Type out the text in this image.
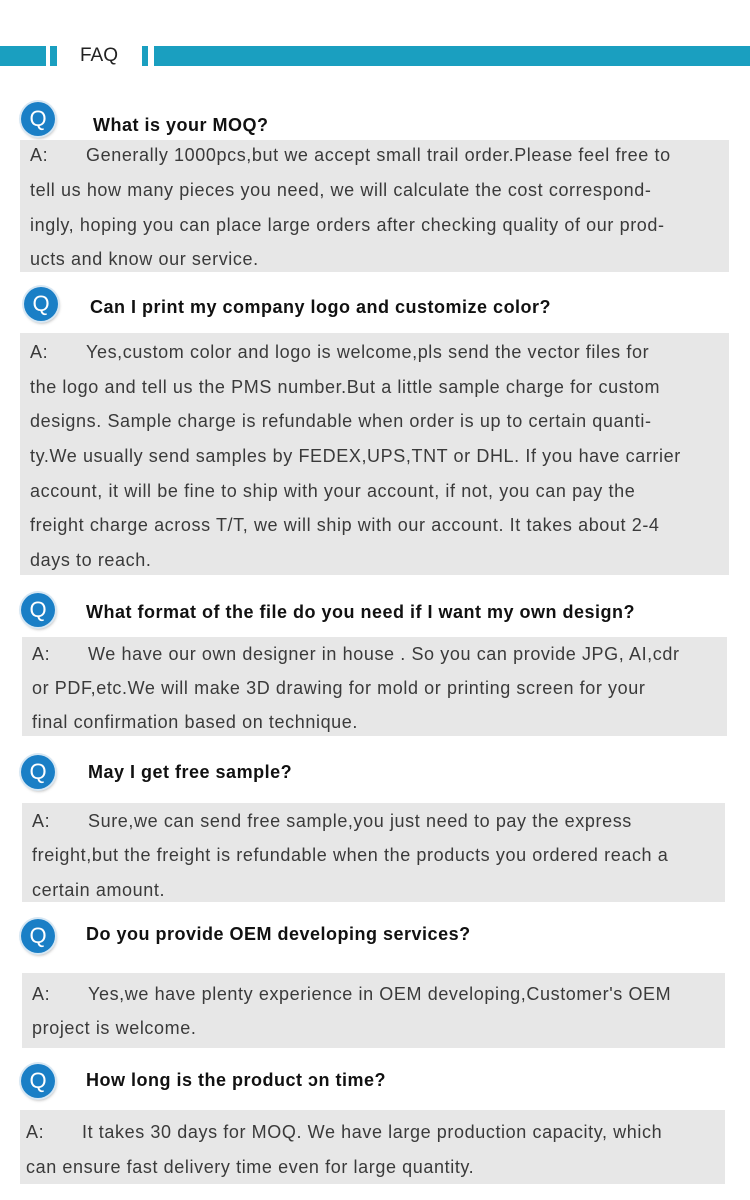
FAQ
Q	What is your MOQ?
A: Generally 1000pcs,but we accept small trail order.Please feel free to
tell us how many pieces you need, we will calculate the cost correspond-
ingly, hoping you can place large orders after checking quality of our prod-
ucts and know our service.
Q	Can I print my company logo and customize color?
A: Yes,custom color and logo is welcome,pls send the vector files for
the logo and tell us the PMS number.But a little sample charge for custom
designs. Sample charge is refundable when order is up to certain quanti-
ty.We usually send samples by FEDEX,UPS,TNT or DHL. If you have carrier
account, it will be fine to ship with your account, if not, you can pay the
freight charge across T/T, we will ship with our account. It takes about 2-4
days to reach.
Q	What format of the file do you need if I want my own design?
A: We have our own designer in house . So you can provide JPG, AI,cdr
or PDF,etc.We will make 3D drawing for mold or printing screen for your
final confirmation based on technique.
Q	May I get free sample?
A: Sure,we can send free sample,you just need to pay the express
freight,but the freight is refundable when the products you ordered reach a
certain amount.
Q	Do you provide OEM developing services?
A: Yes,we have plenty experience in OEM developing,Customer's OEM
project is welcome.
Q	How long is the product ɔn time?
A: It takes 30 days for MOQ. We have large production capacity, which
can ensure fast delivery time even for large quantity.
